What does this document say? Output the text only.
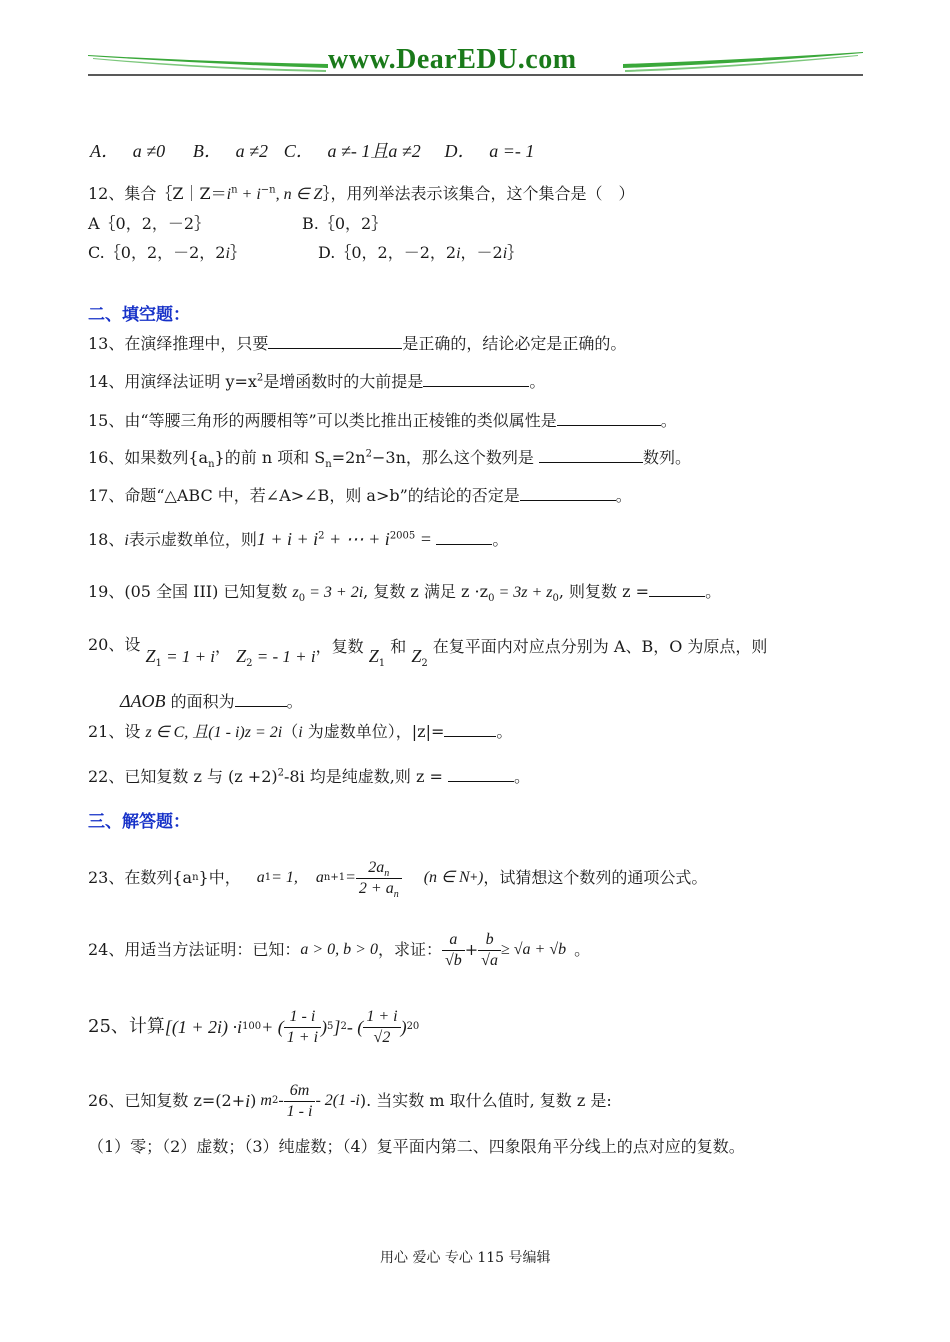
www.DearEDU.com
A． a ≠0 B． a ≠2 C． a ≠- 1且a ≠2 D． a =- 1
12、集合$\{Z|Z=i^n + i^{-n}$, n ∈ Z｝，用列举法表示该集合，这个集合是（　）
A｛0，2，－2｝	B.｛0，2｝
C.｛0，2，－2，2i｝	D.｛0，2，－2，2i，－2i｝
二、填空题：
13、在演绎推理中，只要	是正确的，结论必定是正确的。
14、用演绎法证明 $y=x^2$是增函数时的大前提是	。
15、由“等腰三角形的两腰相等”可以类比推出正棱锥的类似属性是	。
16、如果数列$\{a_n\}$的前 n 项和 $S_n=2n^2-3n$，那么这个数列是	数列。
17、命题“△ABC 中，若∠A>∠B，则 a>b”的结论的否定是	。
18、i表示虚数单位，则$1 + i + i^2$ + ⋯ + $i^{2005}$ =	。
19、(05 全国 III) 已知复数 $z_0 = 3 + 2i$, 复数 z 满足 $z \cdot z_0 = 3z + z_0$, 则复数 z =	。
20、设 $Z_1 = 1 + i$， $Z_2$ = - 1 + i，复数 $Z_1$ 和 $Z_2$ 在复平面内对应点分别为 A、B，O 为原点，则
ΔAOB 的面积为	。
21、设 z ∈ C, 且(1 - i)z = 2i（i 为虚数单位），|z|=	。
22、已知复数 z 与 $(z +2)^2-8i$ 均是纯虚数,则 z =	。
三、解答题：
23、在数列{a n }中， a 1 = 1, a $n+1 = \frac{2a_n}{2 + a_n} (n$ ∈ N + ) ，试猜想这个数列的通项公式。
24、用适当方法证明：已知： a > 0, b > 0 ，求证： $\frac{a}{√b} + \frac{b}{√a} \ge √a + √b$ 。
25、计算 [(1 + 2i) ·i 100 + ( $\frac{1 - i}{1 + i}$ ) 5 ] 2 - ( $\frac{1 + i}{√2}$ ) 20
26、已知复数 z=(2+ i ) m $2 - \frac{6m}{1 - i} - 2(1$ - i ). 当实数 m 取什么值时, 复数 z 是:
（1）零；（2）虚数；（3）纯虚数；（4）复平面内第二、四象限角平分线上的点对应的复数。
用心 爱心 专心 115 号编辑
